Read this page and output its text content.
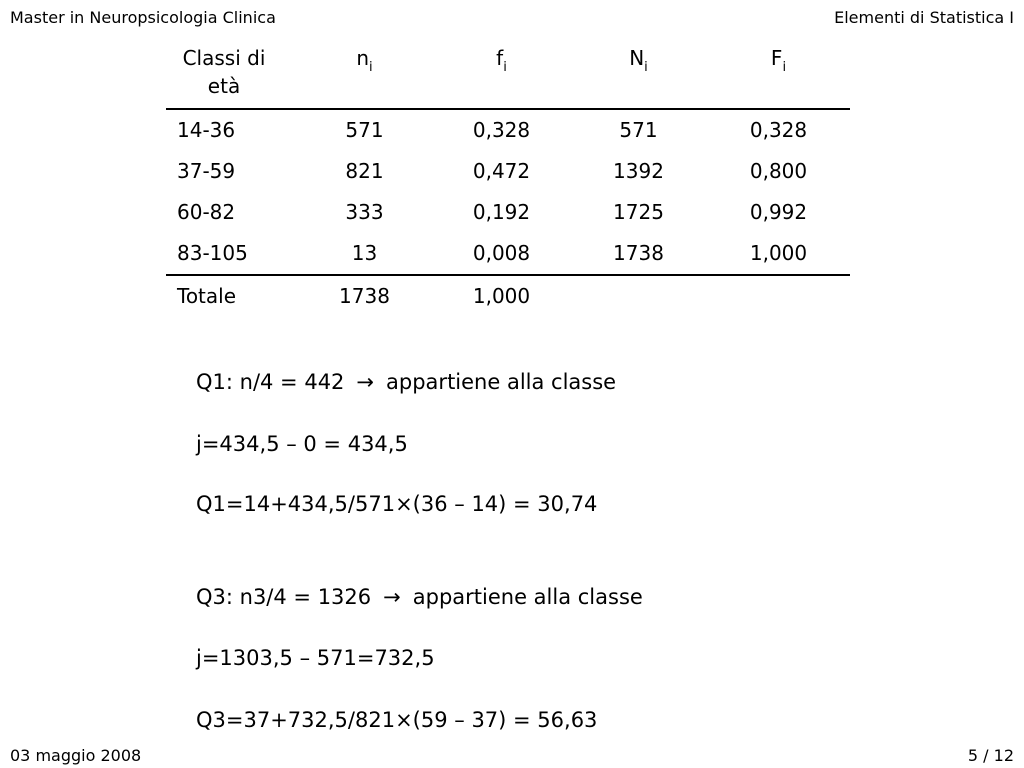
Master in Neuropsicologia Clinica	Elementi di Statistica I
Classi di
età	$n_i$	$f_i$	$N_i$	$F_i$
14-36	571	0,328	571	0,328
37-59	821	0,472	1392	0,800
60-82	333	0,192	1725	0,992
83-105	13	0,008	1738	1,000
Totale	1738	1,000		
Q1: n/4 = 442 → appartiene alla classe
j=434,5 – 0 = 434,5
Q1=14+434,5/571×(36 – 14) = 30,74
Q3: n3/4 = 1326 → appartiene alla classe
j=1303,5 – 571=732,5
Q3=37+732,5/821×(59 – 37) = 56,63
03 maggio 2008	5 / 12
